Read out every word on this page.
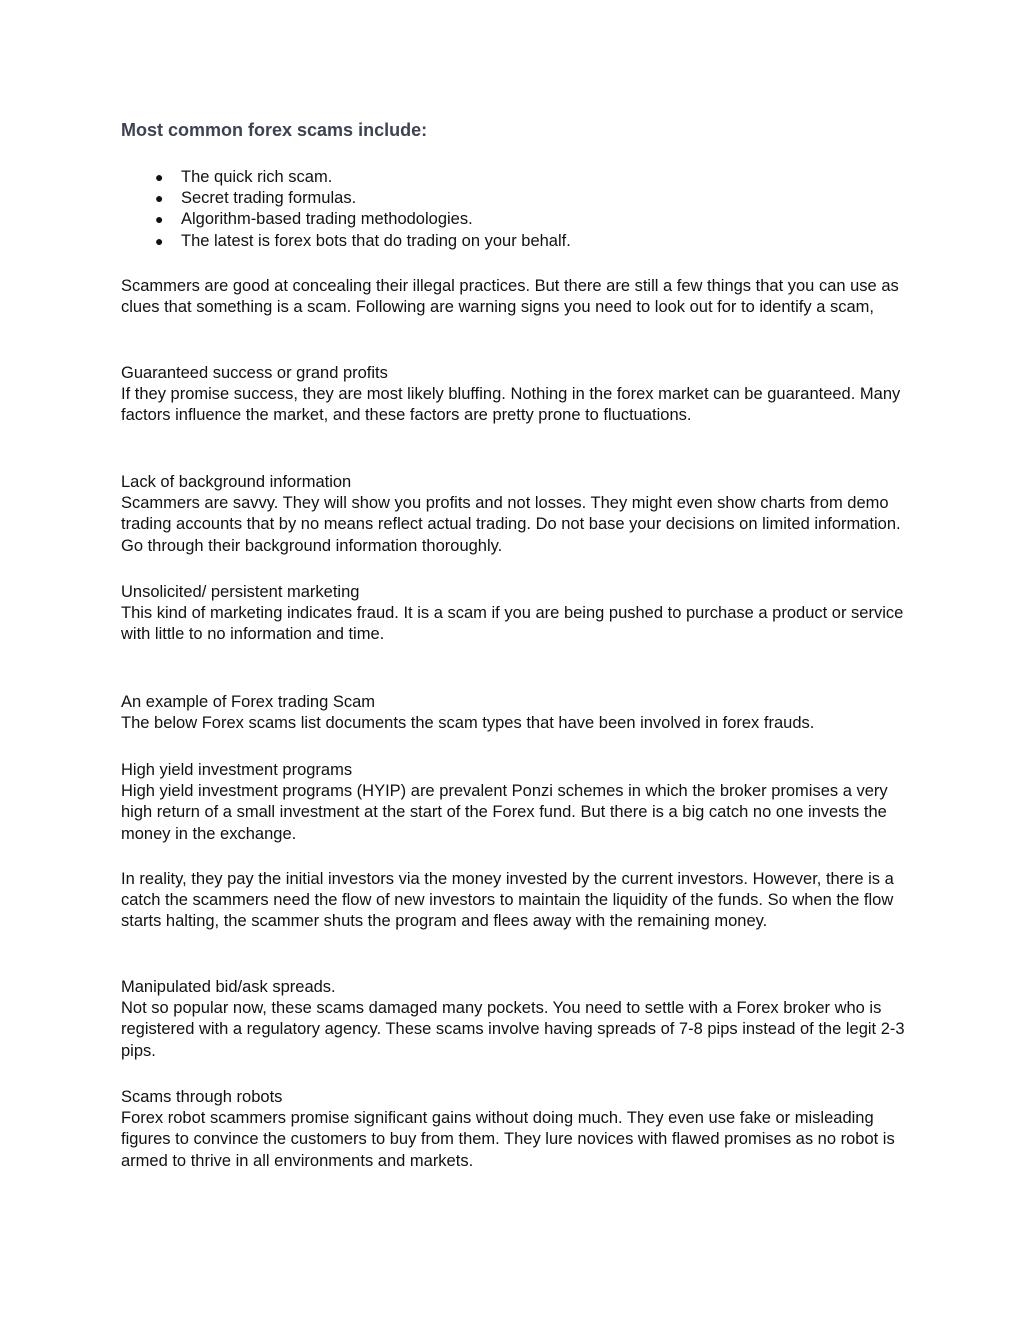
Most common forex scams include:
● The quick rich scam.
● Secret trading formulas.
● Algorithm-based trading methodologies.
● The latest is forex bots that do trading on your behalf.

Scammers are good at concealing their illegal practices. But there are still a few things that you can use as clues that something is a scam. Following are warning signs you need to look out for to identify a scam,

Guaranteed success or grand profits

If they promise success, they are most likely bluffing. Nothing in the forex market can be guaranteed. Many factors influence the market, and these factors are pretty prone to fluctuations.

Lack of background information

Scammers are savvy. They will show you profits and not losses. They might even show charts from demo trading accounts that by no means reflect actual trading. Do not base your decisions on limited information. Go through their background information thoroughly.

Unsolicited/ persistent marketing

This kind of marketing indicates fraud. It is a scam if you are being pushed to purchase a product or service with little to no information and time.

An example of Forex trading Scam

The below Forex scams list documents the scam types that have been involved in forex frauds.

High yield investment programs

High yield investment programs (HYIP) are prevalent Ponzi schemes in which the broker promises a very high return of a small investment at the start of the Forex fund. But there is a big catch no one invests the money in the exchange.

In reality, they pay the initial investors via the money invested by the current investors. However, there is a catch the scammers need the flow of new investors to maintain the liquidity of the funds. So when the flow starts halting, the scammer shuts the program and flees away with the remaining money.

Manipulated bid/ask spreads.

Not so popular now, these scams damaged many pockets. You need to settle with a Forex broker who is registered with a regulatory agency. These scams involve having spreads of 7-8 pips instead of the legit 2-3 pips.

Scams through robots

Forex robot scammers promise significant gains without doing much. They even use fake or misleading figures to convince the customers to buy from them. They lure novices with flawed promises as no robot is armed to thrive in all environments and markets.
